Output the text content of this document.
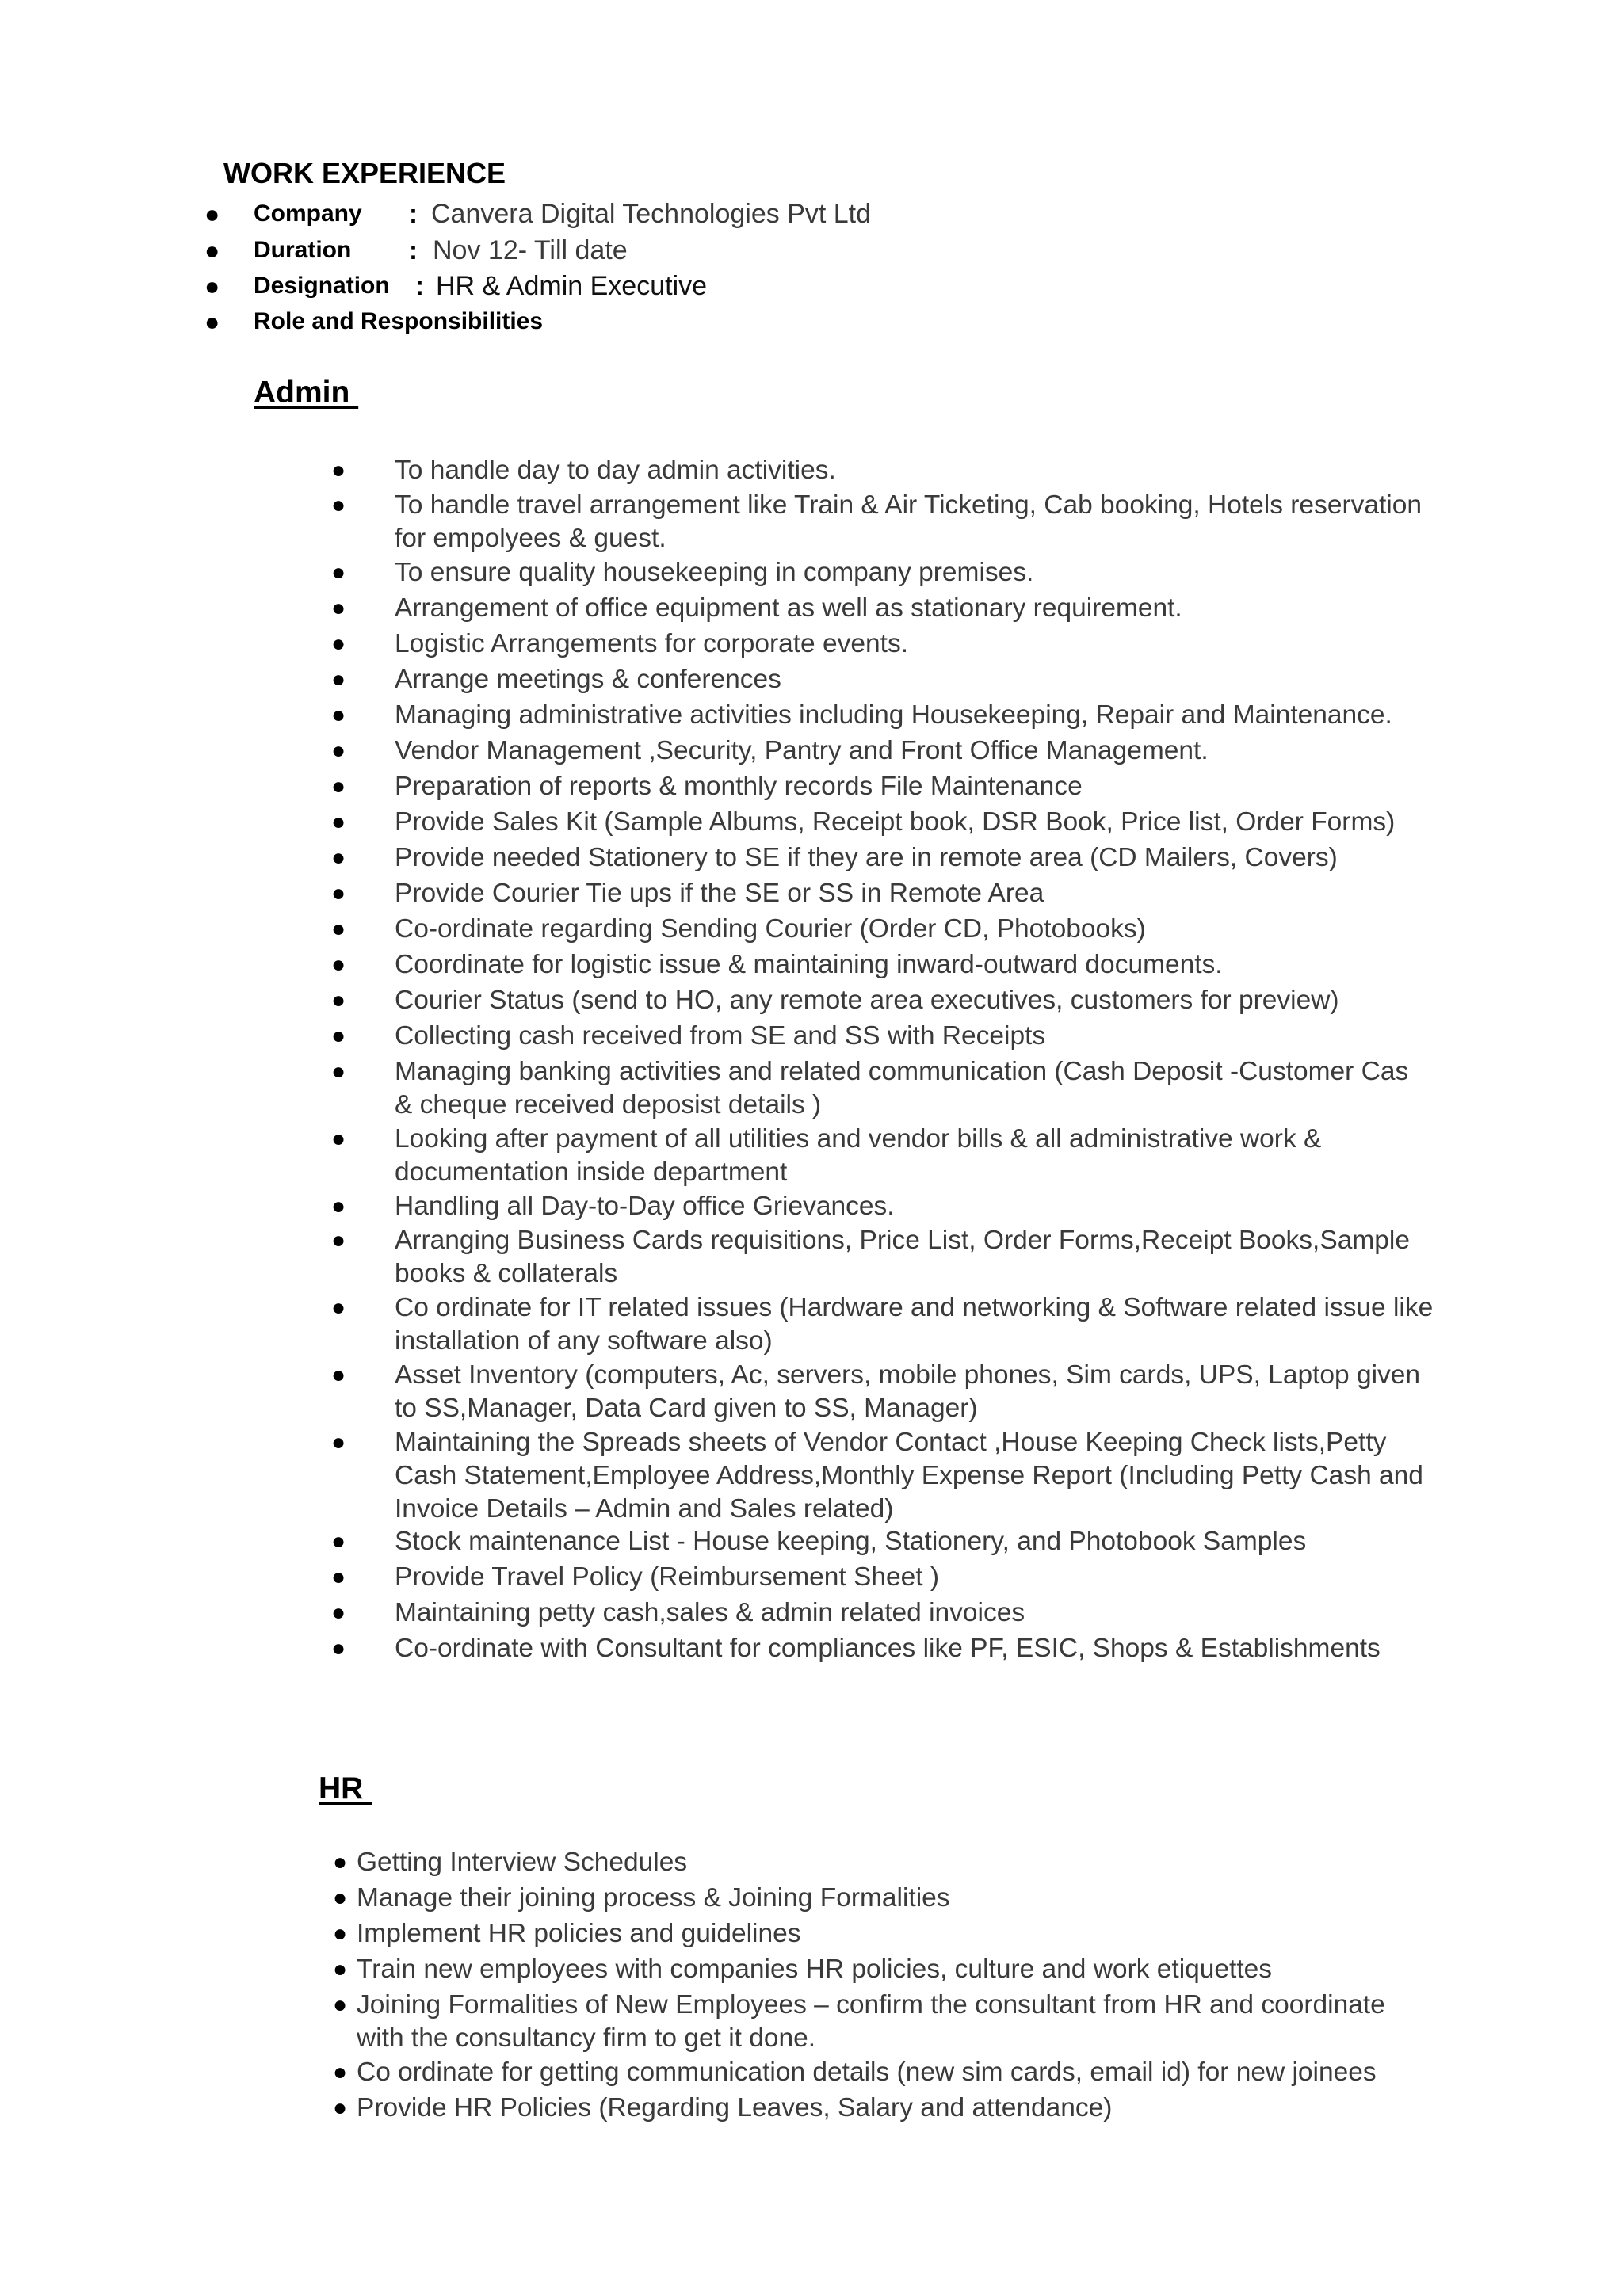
WORK EXPERIENCE
● Company : Canvera Digital Technologies Pvt Ltd
● Duration : Nov 12- Till date
● Designation : HR & Admin Executive
● Role and Responsibilities
Admin
● To handle day to day admin activities.
● To handle travel arrangement like Train & Air Ticketing, Cab booking, Hotels reservation
for empolyees & guest.
● To ensure quality housekeeping in company premises.
● Arrangement of office equipment as well as stationary requirement.
● Logistic Arrangements for corporate events.
● Arrange meetings & conferences
● Managing administrative activities including Housekeeping, Repair and Maintenance.
● Vendor Management ,Security, Pantry and Front Office Management.
● Preparation of reports & monthly records File Maintenance
● Provide Sales Kit (Sample Albums, Receipt book, DSR Book, Price list, Order Forms)
● Provide needed Stationery to SE if they are in remote area (CD Mailers, Covers)
● Provide Courier Tie ups if the SE or SS in Remote Area
● Co-ordinate regarding Sending Courier (Order CD, Photobooks)
● Coordinate for logistic issue & maintaining inward-outward documents.
● Courier Status (send to HO, any remote area executives, customers for preview)
● Collecting cash received from SE and SS with Receipts
● Managing banking activities and related communication (Cash Deposit -Customer Cas
& cheque received deposist details )
● Looking after payment of all utilities and vendor bills & all administrative work &
documentation inside department
● Handling all Day-to-Day office Grievances.
● Arranging Business Cards requisitions, Price List, Order Forms,Receipt Books,Sample
books & collaterals
● Co ordinate for IT related issues (Hardware and networking & Software related issue like
installation of any software also)
● Asset Inventory (computers, Ac, servers, mobile phones, Sim cards, UPS, Laptop given
to SS,Manager, Data Card given to SS, Manager)
● Maintaining the Spreads sheets of Vendor Contact ,House Keeping Check lists,Petty
Cash Statement,Employee Address,Monthly Expense Report (Including Petty Cash and
Invoice Details – Admin and Sales related)
● Stock maintenance List - House keeping, Stationery, and Photobook Samples
● Provide Travel Policy (Reimbursement Sheet )
● Maintaining petty cash,sales & admin related invoices
● Co-ordinate with Consultant for compliances like PF, ESIC, Shops & Establishments
HR
● Getting Interview Schedules
● Manage their joining process & Joining Formalities
● Implement HR policies and guidelines
● Train new employees with companies HR policies, culture and work etiquettes
● Joining Formalities of New Employees – confirm the consultant from HR and coordinate
with the consultancy firm to get it done.
● Co ordinate for getting communication details (new sim cards, email id) for new joinees
● Provide HR Policies (Regarding Leaves, Salary and attendance)
